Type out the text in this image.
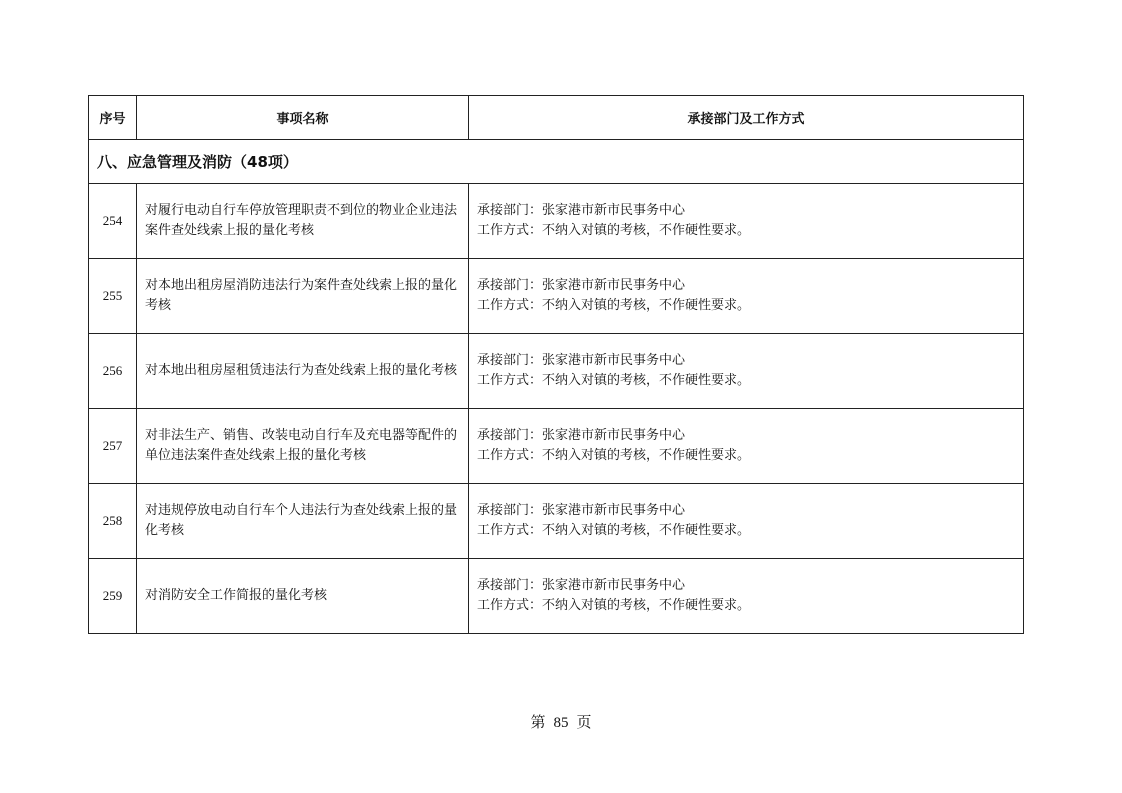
序号	事项名称	承接部门及工作方式
八、应急管理及消防（48项）		
254	对履行电动自行车停放管理职责不到位的物业企业违法案件查处线索上报的量化考核	承接部门：张家港市新市民事务中心
工作方式：不纳入对镇的考核，不作硬性要求。

255	对本地出租房屋消防违法行为案件查处线索上报的量化考核	承接部门：张家港市新市民事务中心
工作方式：不纳入对镇的考核，不作硬性要求。

256	对本地出租房屋租赁违法行为查处线索上报的量化考核	承接部门：张家港市新市民事务中心
工作方式：不纳入对镇的考核，不作硬性要求。

257	对非法生产、销售、改装电动自行车及充电器等配件的单位违法案件查处线索上报的量化考核	承接部门：张家港市新市民事务中心
工作方式：不纳入对镇的考核，不作硬性要求。

258	对违规停放电动自行车个人违法行为查处线索上报的量化考核	承接部门：张家港市新市民事务中心
工作方式：不纳入对镇的考核，不作硬性要求。

259	对消防安全工作简报的量化考核	承接部门：张家港市新市民事务中心
工作方式：不纳入对镇的考核，不作硬性要求。
第 85 页
